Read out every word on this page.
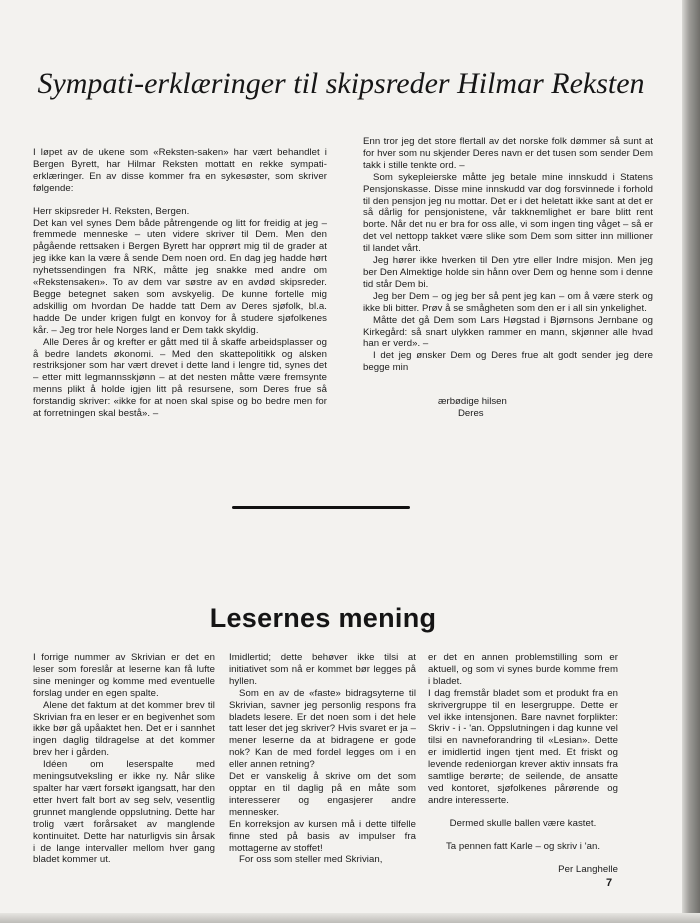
Sympati-erklæringer til skipsreder Hilmar Reksten

I løpet av de ukene som «Reksten-saken» har vært behandlet i Bergen Byrett, har Hilmar Reksten mottatt en rekke sympati-erklæringer. En av disse kommer fra en sykesøster, som skriver følgende:

Herr skipsreder H. Reksten, Bergen.

Det kan vel synes Dem både påtrengende og litt for freidig at jeg – fremmede menneske – uten videre skriver til Dem. Men den pågående rettsaken i Bergen Byrett har opprørt mig til de grader at jeg ikke kan la være å sende Dem noen ord. En dag jeg hadde hørt nyhetssendingen fra NRK, måtte jeg snakke med andre om «Rekstensaken». To av dem var søstre av en avdød skipsreder. Begge betegnet saken som avskyelig. De kunne fortelle mig adskillig om hvordan De hadde tatt Dem av Deres sjøfolk, bl.a. hadde De under krigen fulgt en konvoy for å studere sjøfolkenes kår. – Jeg tror hele Norges land er Dem takk skyldig.

Alle Deres år og krefter er gått med til å skaffe arbeidsplasser og å bedre landets økonomi. – Med den skattepolitikk og alsken restriksjoner som har vært drevet i dette land i lengre tid, synes det – etter mitt legmannsskjønn – at det nesten måtte være fremsynte menns plikt å holde igjen litt på resursene, som Deres frue så forstandig skriver: «ikke for at noen skal spise og bo bedre men for at forretningen skal bestå». –

Enn tror jeg det store flertall av det norske folk dømmer så sunt at for hver som nu skjender Deres navn er det tusen som sender Dem takk i stille tenkte ord. –

Som sykepleierske måtte jeg betale mine innskudd i Statens Pensjonskasse. Disse mine innskudd var dog forsvinnede i forhold til den pensjon jeg nu mottar. Det er i det heletatt ikke sant at det er så dårlig for pensjonistene, vår takknemlighet er bare blitt rent borte. Når det nu er bra for oss alle, vi som ingen ting våget – så er det vel nettopp takket være slike som Dem som sitter inn millioner til landet vårt.

Jeg hører ikke hverken til Den ytre eller Indre misjon. Men jeg ber Den Almektige holde sin hånn over Dem og henne som i denne tid står Dem bi.

Jeg ber Dem – og jeg ber så pent jeg kan – om å være sterk og ikke bli bitter. Prøv å se smågheten som den er i all sin ynkelighet.

Måtte det gå Dem som Lars Høgstad i Bjørnsons Jernbane og Kirkegård: så snart ulykken rammer en mann, skjønner alle hvad han er verd». –

I det jeg ønsker Dem og Deres frue alt godt sender jeg dere begge min

ærbødige hilsen
Deres
Lesernes mening

I forrige nummer av Skrivian er det en leser som foreslår at leserne kan få lufte sine meninger og komme med eventuelle forslag under en egen spalte.

Alene det faktum at det kommer brev til Skrivian fra en leser er en begivenhet som ikke bør gå upåaktet hen. Det er i sannhet ingen daglig tildragelse at det kommer brev her i gården.

Idéen om leserspalte med meningsutveksling er ikke ny. Når slike spalter har vært forsøkt igangsatt, har den etter hvert falt bort av seg selv, vesentlig grunnet manglende oppslutning. Dette har trolig vært forårsaket av manglende kontinuitet. Dette har naturligvis sin årsak i de lange intervaller mellom hver gang bladet kommer ut.

Imidlertid; dette behøver ikke tilsi at initiativet som nå er kommet bør legges på hyllen.

Som en av de «faste» bidragsyterne til Skrivian, savner jeg personlig respons fra bladets lesere. Er det noen som i det hele tatt leser det jeg skriver? Hvis svaret er ja – mener leserne da at bidragene er gode nok? Kan de med fordel legges om i en eller annen retning?

Det er vanskelig å skrive om det som opptar en til daglig på en måte som interesserer og engasjerer andre mennesker.

En korreksjon av kursen må i dette tilfelle finne sted på basis av impulser fra mottagerne av stoffet!

For oss som steller med Skrivian,

er det en annen problemstilling som er aktuell, og som vi synes burde komme frem i bladet.

I dag fremstår bladet som et produkt fra en skrivergruppe til en lesergruppe. Dette er vel ikke intensjonen. Bare navnet forplikter: Skriv - i - 'an. Oppslutningen i dag kunne vel tilsi en navneforandring til «Lesian». Dette er imidlertid ingen tjent med. Et friskt og levende redeniorgan krever aktiv innsats fra samtlige berørte; de seilende, de ansatte ved kontoret, sjøfolkenes pårørende og andre interesserte.

Dermed skulle ballen være kastet.

Ta pennen fatt Karle – og skriv i 'an.

Per Langhelle

7
